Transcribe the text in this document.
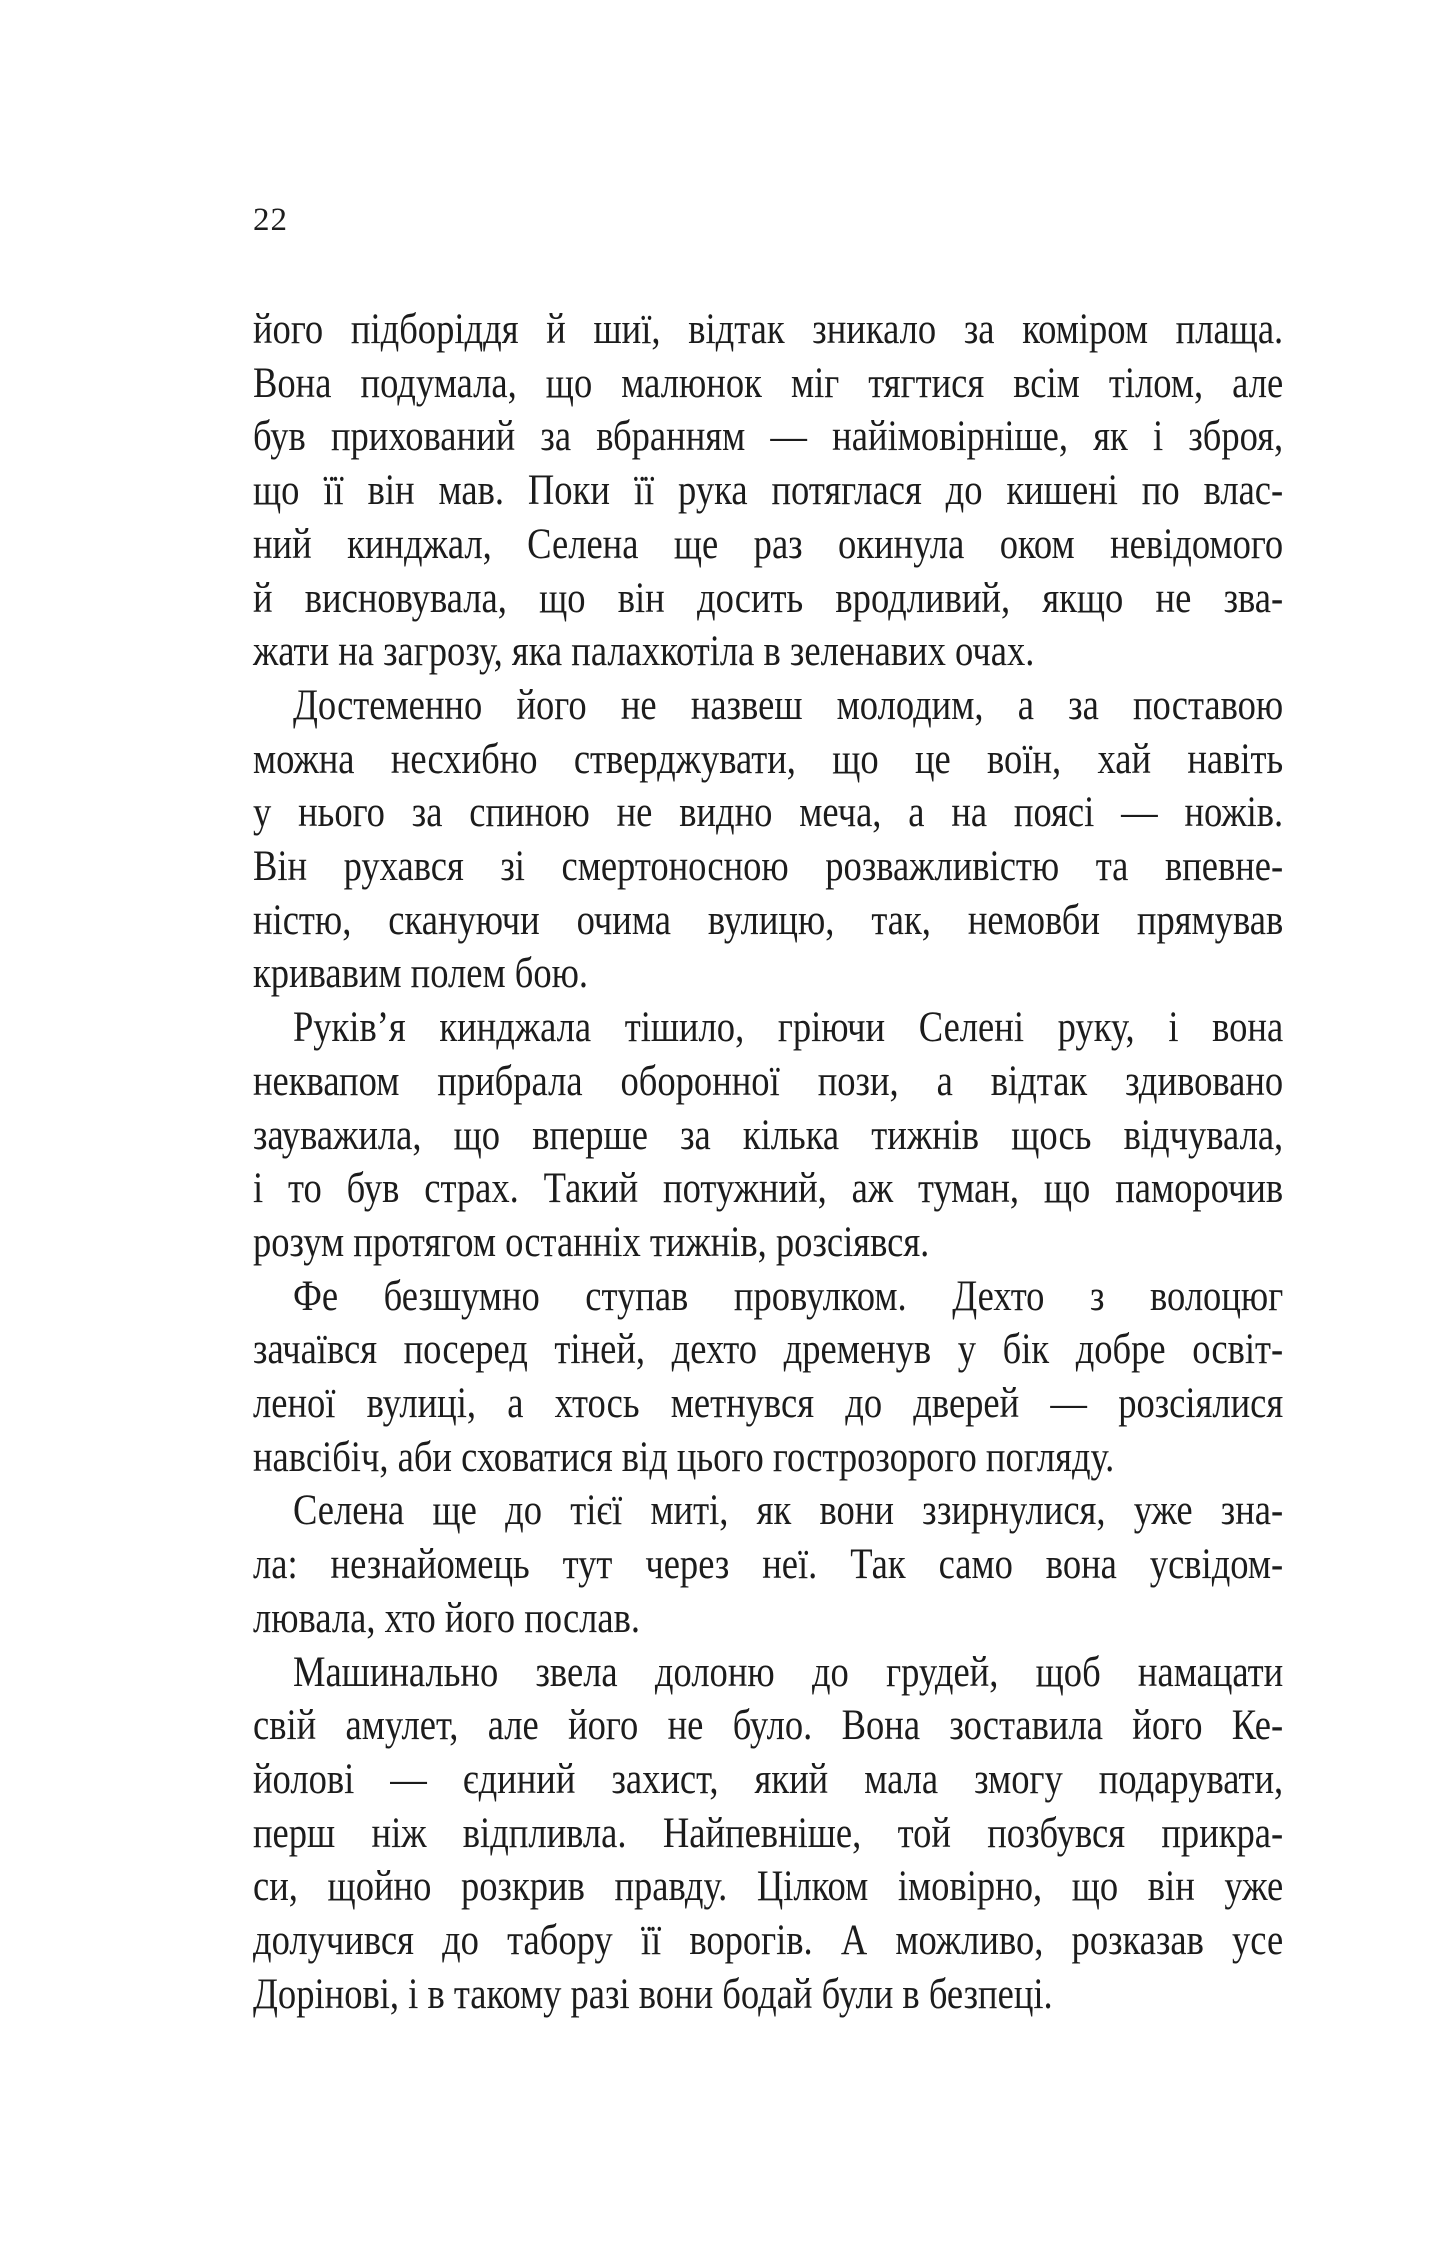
22
його підборіддя й шиї, відтак зникало за коміром плаща.
Вона подумала, що малюнок міг тягтися всім тілом, але
був прихований за вбранням — найімовірніше, як і зброя,
що її він мав. Поки її рука потяглася до кишені по влас-
ний кинджал, Селена ще раз окинула оком невідомого
й висновувала, що він досить вродливий, якщо не зва-
жати на загрозу, яка палахкотіла в зеленавих очах.
Достеменно його не назвеш молодим, а за поставою
можна несхибно стверджувати, що це воїн, хай навіть
у нього за спиною не видно меча, а на поясі — ножів.
Він рухався зі смертоносною розважливістю та впевне-
ністю, скануючи очима вулицю, так, немовби прямував
кривавим полем бою.
Руків’я кинджала тішило, гріючи Селені руку, і вона
неквапом прибрала оборонної пози, а відтак здивовано
зауважила, що вперше за кілька тижнів щось відчувала,
і то був страх. Такий потужний, аж туман, що паморочив
розум протягом останніх тижнів, розсіявся.
Фе безшумно ступав провулком. Дехто з волоцюг
зачаївся посеред тіней, дехто дременув у бік добре освіт-
леної вулиці, а хтось метнувся до дверей — розсіялися
навсібіч, аби сховатися від цього гострозорого погляду.
Селена ще до тієї миті, як вони ззирнулися, уже зна-
ла: незнайомець тут через неї. Так само вона усвідом-
лювала, хто його послав.
Машинально звела долоню до грудей, щоб намацати
свій амулет, але його не було. Вона зоставила його Ке-
йолові — єдиний захист, який мала змогу подарувати,
перш ніж відпливла. Найпевніше, той позбувся прикра-
си, щойно розкрив правду. Цілком імовірно, що він уже
долучився до табору її ворогів. А можливо, розказав усе
Дорінові, і в такому разі вони бодай були в безпеці.
